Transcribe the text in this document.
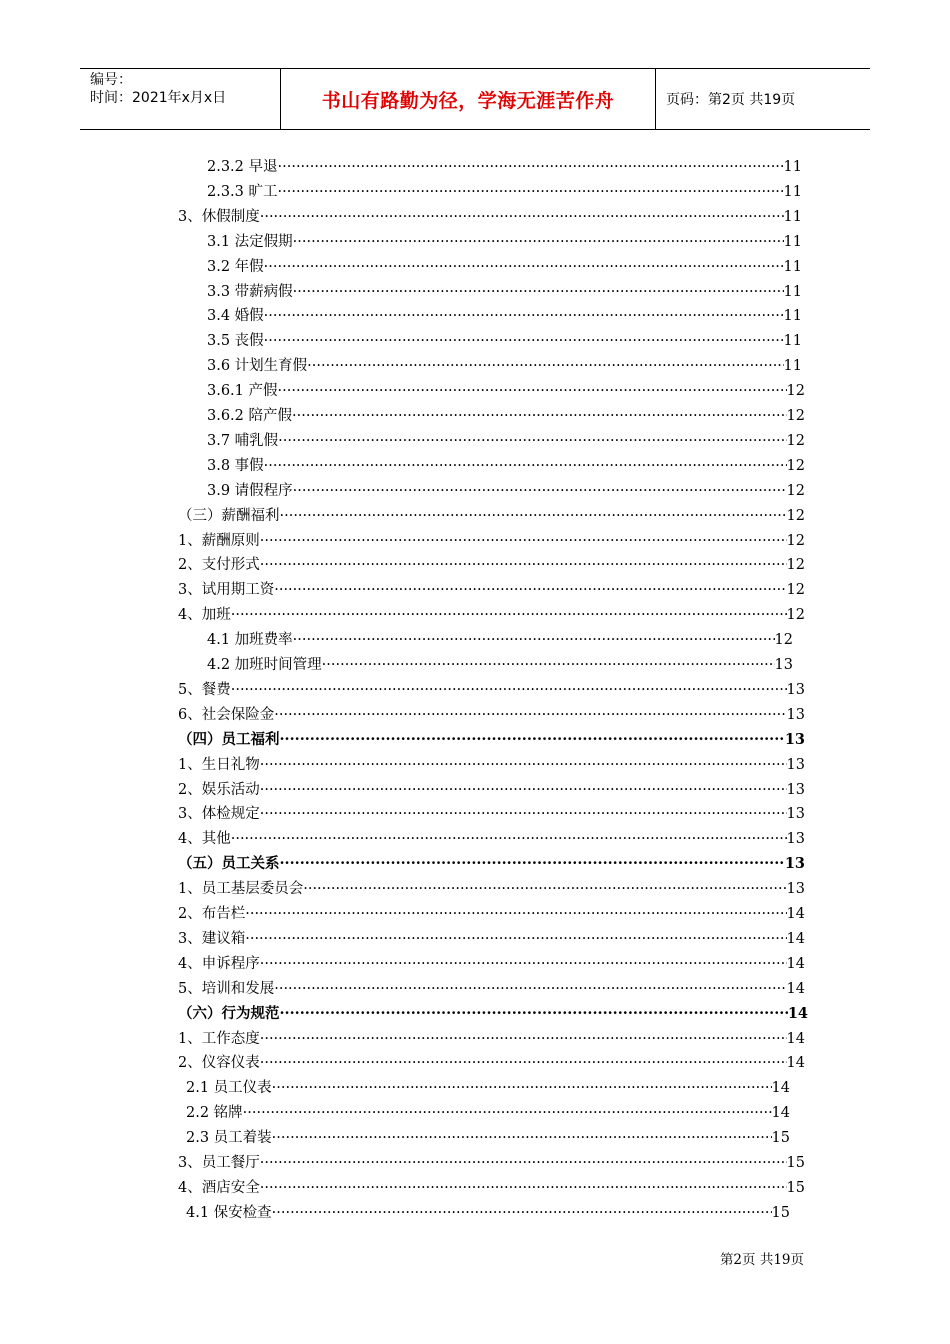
编号：
时间：2021年x月x日	书山有路勤为径，学海无涯苦作舟	页码：第2页 共19页
2.3.2 早退 ·····	11
2.3.3 旷工 ·····	11
3、休假制度 ·····	11
3.1 法定假期 ·····	11
3.2 年假 ·····	11
3.3 带薪病假 ·····	11
3.4 婚假 ·····	11
3.5 丧假 ·····	11
3.6 计划生育假 ·····	11
3.6.1 产假 ·····	12
3.6.2 陪产假 ·····	12
3.7 哺乳假 ·····	12
3.8 事假 ·····	12
3.9 请假程序 ·····	12
（三）薪酬福利 ·····	12
1、薪酬原则 ·····	12
2、支付形式 ·····	12
3、试用期工资 ·····	12
4、加班 ·····	12
4.1 加班费率 ·····	12
4.2 加班时间管理 ·····	13
5、餐费 ·····	13
6、社会保险金 ·····	13
（四）员工福利 ·····	13
1、生日礼物 ·····	13
2、娱乐活动 ·····	13
3、体检规定 ·····	13
4、其他 ·····	13
（五）员工关系 ·····	13
1、员工基层委员会 ·····	13
2、布告栏 ·····	14
3、建议箱 ·····	14
4、申诉程序 ·····	14
5、培训和发展 ·····	14
（六）行为规范 ·····	14
1、工作态度 ·····	14
2、仪容仪表 ·····	14
2.1 员工仪表 ·····	14
2.2 铭牌 ·····	14
2.3 员工着装 ·····	15
3、员工餐厅 ·····	15
4、酒店安全 ·····	15
4.1 保安检查 ·····	15
第2页 共19页
